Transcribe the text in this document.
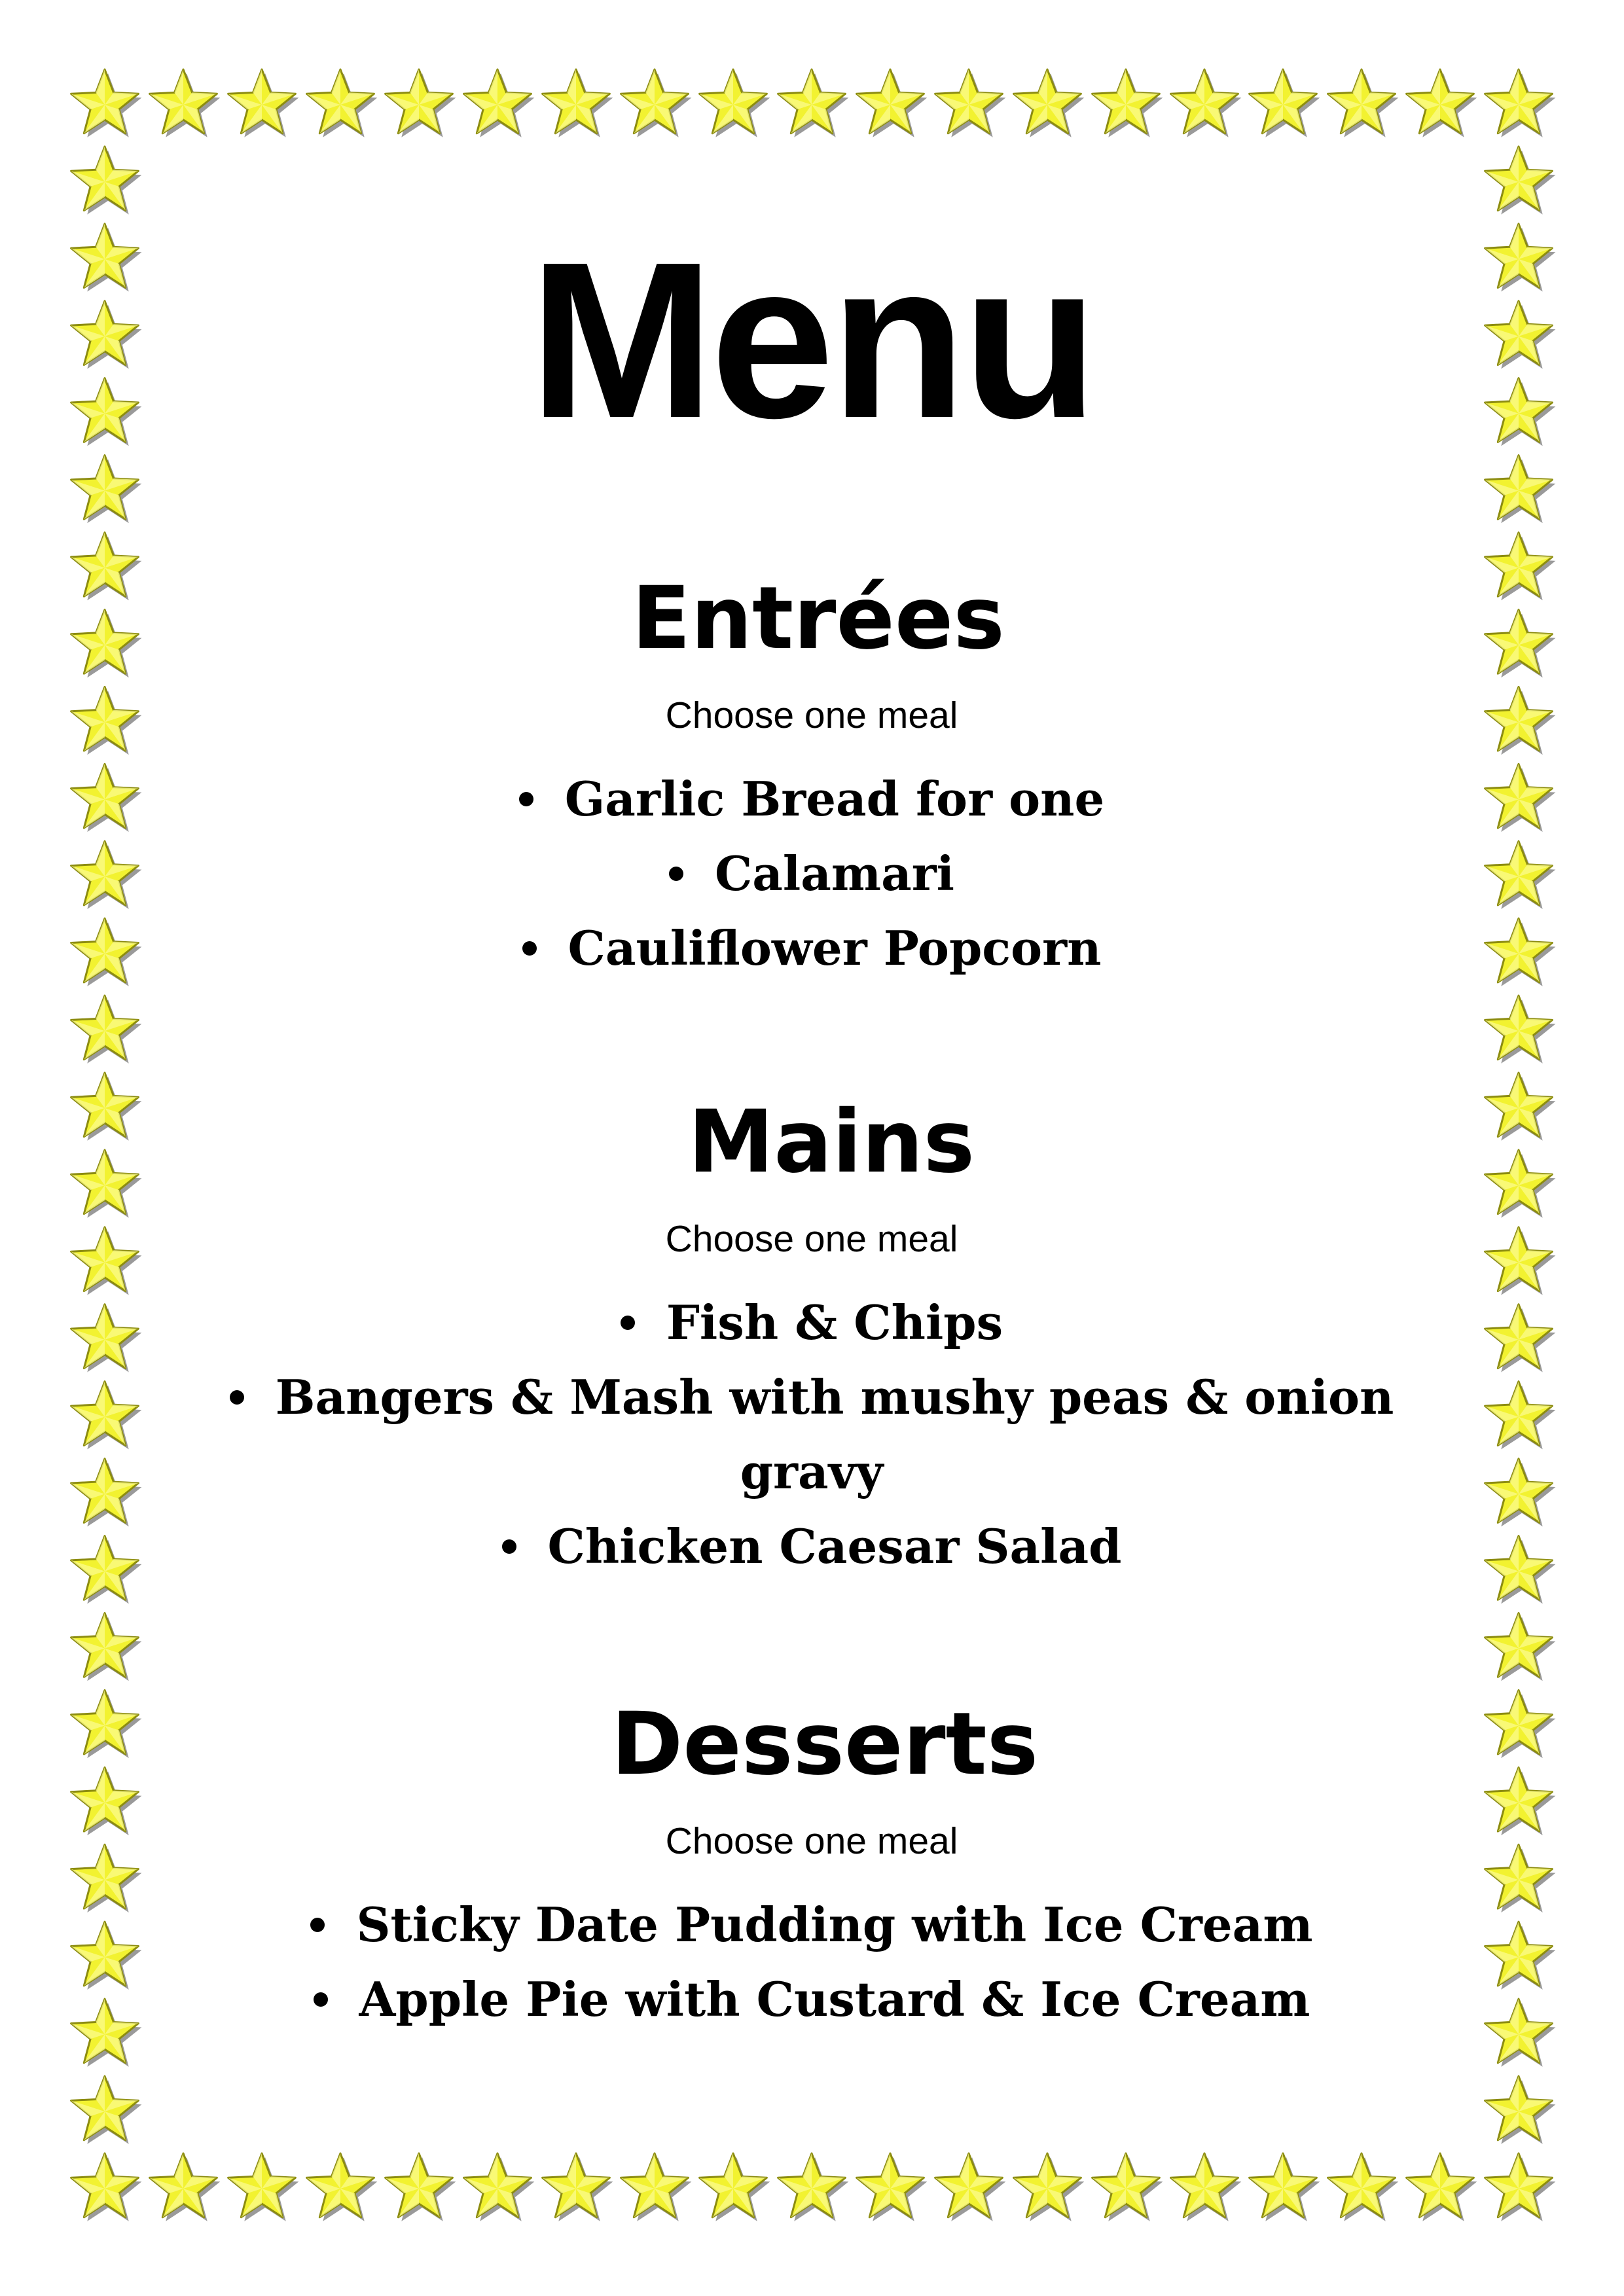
Menu
Entrées

Choose one meal

Garlic Bread for one
Calamari
Cauliflower Popcorn
Mains

Choose one meal

Fish & Chips
Bangers & Mash with mushy peas & onion gravy
Chicken Caesar Salad
Desserts

Choose one meal

Sticky Date Pudding with Ice Cream
Apple Pie with Custard & Ice Cream
